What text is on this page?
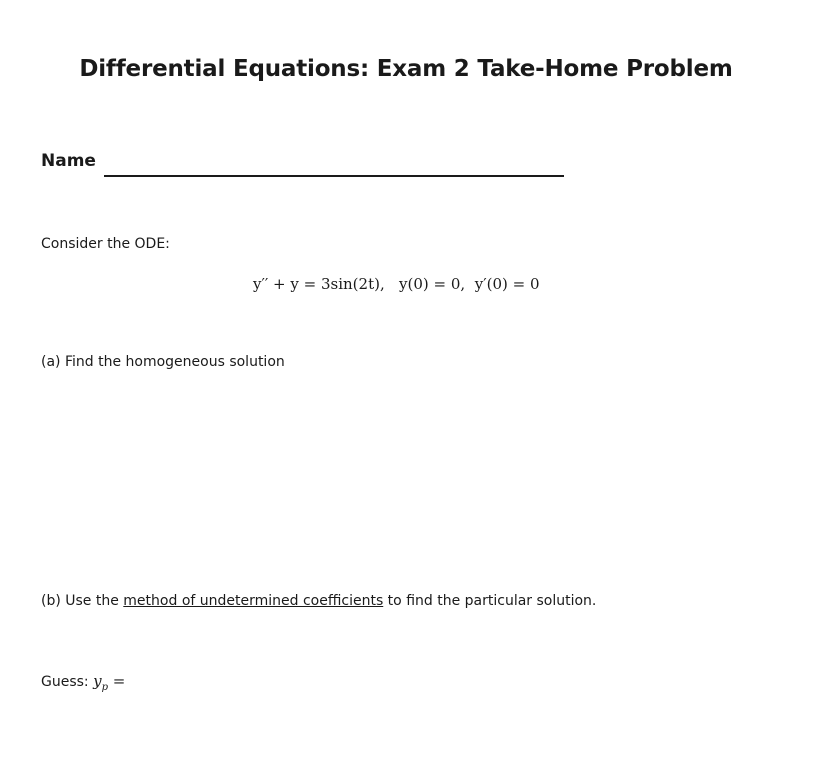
Differential Equations: Exam 2 Take-Home Problem
Name
Consider the ODE:
y′′ + y = 3sin(2t), y(0) = 0, y′(0) = 0
(a) Find the homogeneous solution
(b) Use the method of undetermined coefficients to find the particular solution.
Guess: $y_p$ =
